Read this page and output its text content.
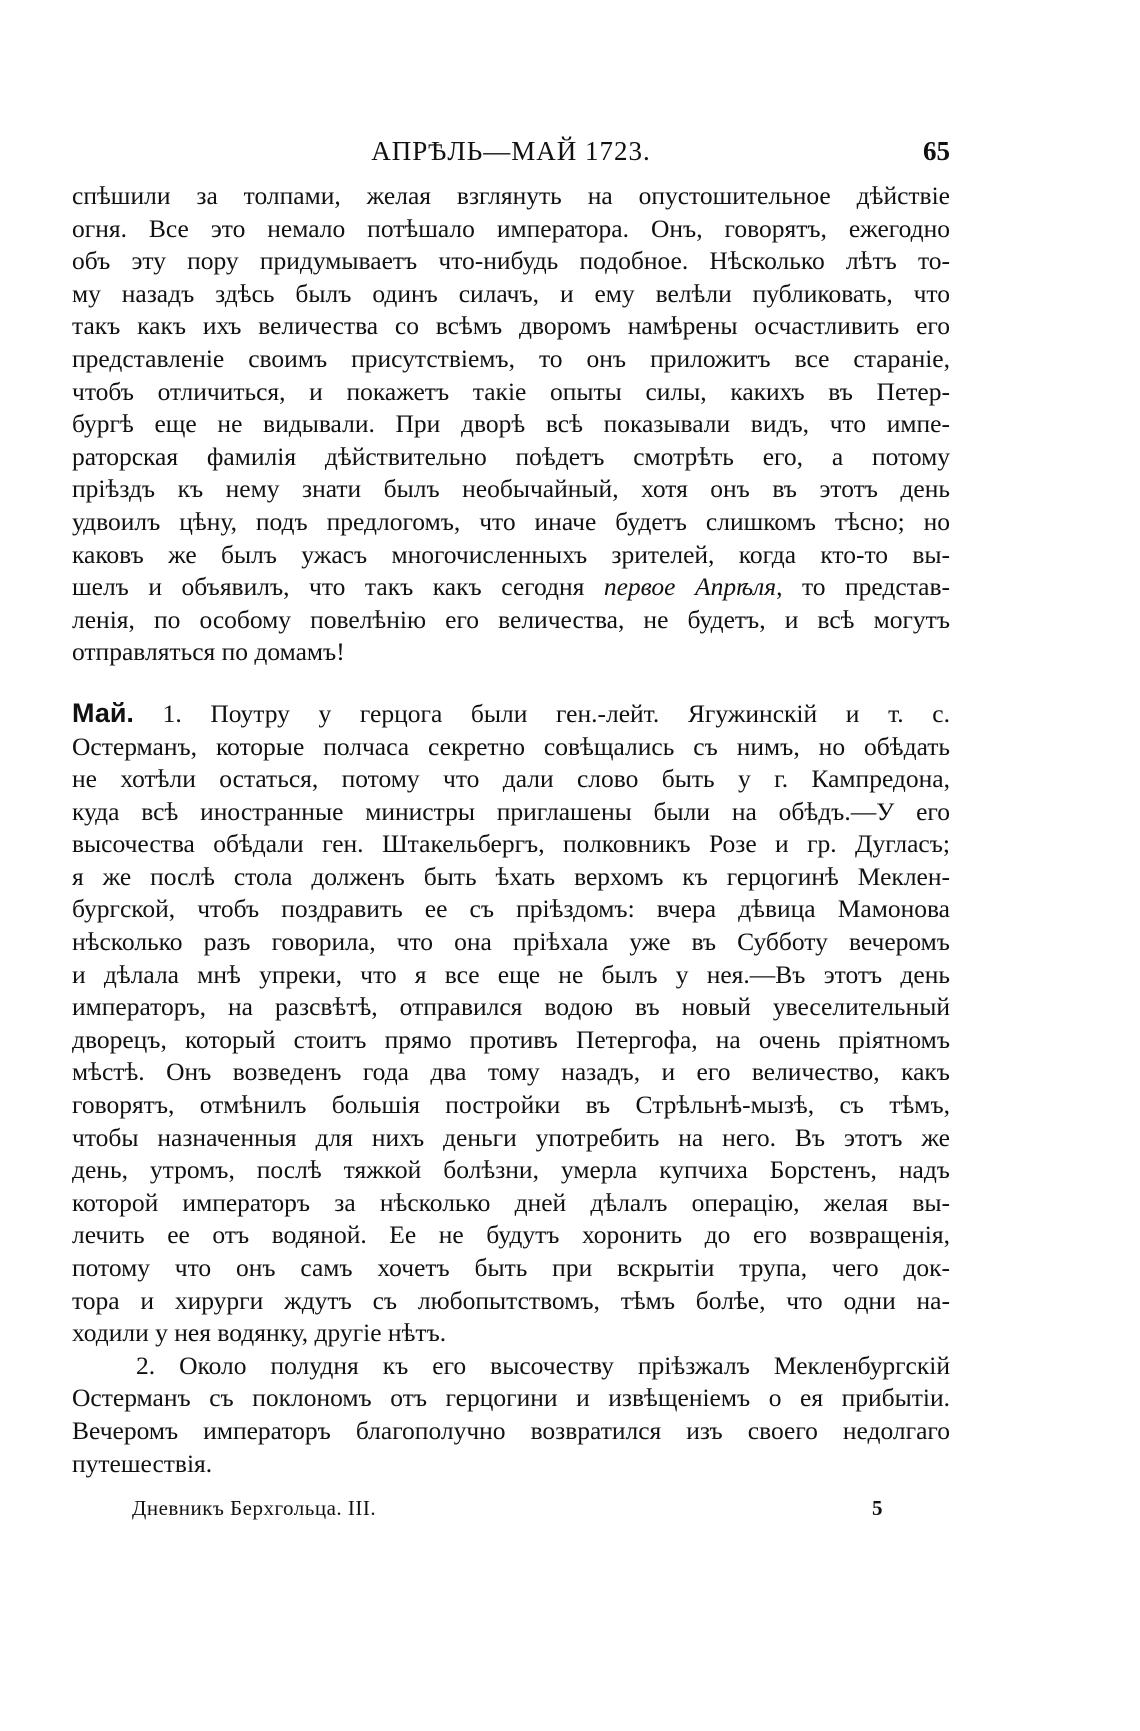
АПРѢЛЬ—МАЙ 1723.	65
спѣшили за толпами, желая взглянуть на опустошительное дѣйствіе
огня. Все это немало потѣшало императора. Онъ, говорятъ, ежегодно
объ эту пору придумываетъ что-нибудь подобное. Нѣсколько лѣтъ то-
му назадъ здѣсь былъ одинъ силачъ, и ему велѣли публиковать, что
такъ какъ ихъ величества со всѣмъ дворомъ намѣрены осчастливить его
представленіе своимъ присутствіемъ, то онъ приложитъ все стараніе,
чтобъ отличиться, и покажетъ такіе опыты силы, какихъ въ Петер-
бургѣ еще не видывали. При дворѣ всѣ показывали видъ, что импе-
раторская фамилія дѣйствительно поѣдетъ смотрѣть его, а потому
пріѣздъ къ нему знати былъ необычайный, хотя онъ въ этотъ день
удвоилъ цѣну, подъ предлогомъ, что иначе будетъ слишкомъ тѣсно; но
каковъ же былъ ужасъ многочисленныхъ зрителей, когда кто-то вы-
шелъ и объявилъ, что такъ какъ сегодня первое Апрѣля, то представ-
ленія, по особому повелѣнію его величества, не будетъ, и всѣ могутъ
отправляться по домамъ!
Май. 1. Поутру у герцога были ген.-лейт. Ягужинскій и т. с.
Остерманъ, которые полчаса секретно совѣщались съ нимъ, но обѣдать
не хотѣли остаться, потому что дали слово быть у г. Кампредона,
куда всѣ иностранные министры приглашены были на обѣдъ.—У его
высочества обѣдали ген. Штакельбергъ, полковникъ Розе и гр. Дугласъ;
я же послѣ стола долженъ быть ѣхать верхомъ къ герцогинѣ Меклен-
бургской, чтобъ поздравить ее съ пріѣздомъ: вчера дѣвица Мамонова
нѣсколько разъ говорила, что она пріѣхала уже въ Субботу вечеромъ
и дѣлала мнѣ упреки, что я все еще не былъ у нея.—Въ этотъ день
императоръ, на разсвѣтѣ, отправился водою въ новый увеселительный
дворецъ, который стоитъ прямо противъ Петергофа, на очень пріятномъ
мѣстѣ. Онъ возведенъ года два тому назадъ, и его величество, какъ
говорятъ, отмѣнилъ большія постройки въ Стрѣльнѣ-мызѣ, съ тѣмъ,
чтобы назначенныя для нихъ деньги употребить на него. Въ этотъ же
день, утромъ, послѣ тяжкой болѣзни, умерла купчиха Борстенъ, надъ
которой императоръ за нѣсколько дней дѣлалъ операцію, желая вы-
лечить ее отъ водяной. Ее не будутъ хоронить до его возвращенія,
потому что онъ самъ хочетъ быть при вскрытіи трупа, чего док-
тора и хирурги ждутъ съ любопытствомъ, тѣмъ болѣе, что одни на-
ходили у нея водянку, другіе нѣтъ.
2. Около полудня къ его высочеству пріѣзжалъ Мекленбургскій
Остерманъ съ поклономъ отъ герцогини и извѣщеніемъ о ея прибытіи.
Вечеромъ императоръ благополучно возвратился изъ своего недолгаго
путешествія.
Дневникъ Берхгольца. III.	5
